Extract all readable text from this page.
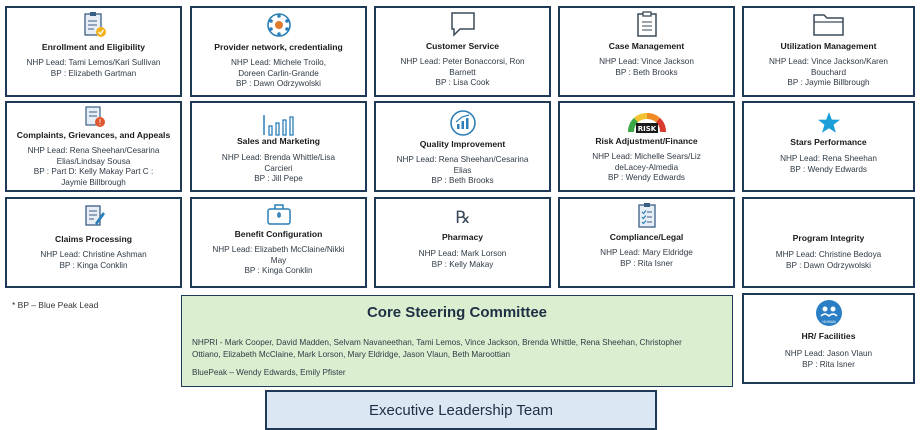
Enrollment and Eligibility
NHP Lead: Tami Lemos/Kari Sullivan
BP : Elizabeth Gartman
Provider network, credentialing
NHP Lead: Michele Troilo,
Doreen Carlin-Grande
BP : Dawn Odrzywolski
Customer Service
NHP Lead: Peter Bonaccorsi, Ron
Barnett
BP : Lisa Cook
Case Management
NHP Lead: Vince Jackson
BP : Beth Brooks
Utilization Management
NHP Lead: Vince Jackson/Karen
Bouchard
BP : Jaymie Billbrough
!
Complaints, Grievances, and Appeals
NHP Lead: Rena Sheehan/Cesarina
Elias/Lindsay Sousa
BP : Part D: Kelly Makay Part C :
Jaymie Billbrough
Sales and Marketing
NHP Lead: Brenda Whittle/Lisa
Carcieri
BP : Jill Pepe
Quality Improvement
NHP Lead: Rena Sheehan/Cesarina
Elias
BP : Beth Brooks
RISK
Risk Adjustment/Finance
NHP Lead: Michelle Sears/Liz
deLacey-Almedia
BP : Wendy Edwards
Stars Performance
NHP Lead: Rena Sheehan
BP : Wendy Edwards
Claims Processing
NHP Lead: Christine Ashman
BP : Kinga Conklin
Benefit Configuration
NHP Lead: Elizabeth McClaine/Nikki
May
BP : Kinga Conklin
℞
Pharmacy
NHP Lead: Mark Lorson
BP : Kelly Makay
Compliance/Legal
NHP Lead: Mary Eldridge
BP : Rita Isner
Program Integrity
MHP Lead: Christine Bedoya
BP : Dawn Odrzywolski
* BP – Blue Peak Lead	Core Steering Committee
NHPRI - Mark Cooper, David Madden, Selvam Navaneethan, Tami Lemos, Vince Jackson, Brenda Whittle, Rena Sheehan, Christopher
Ottiano, Elizabeth McClaine, Mark Lorson, Mary Eldridge, Jason Vlaun, Beth Maroottian
BluePeak – Wendy Edwards, Emily Pfister
HUMAN
HR/ Facilities
NHP Lead: Jason Vlaun
BP : Rita Isner
Executive Leadership Team
